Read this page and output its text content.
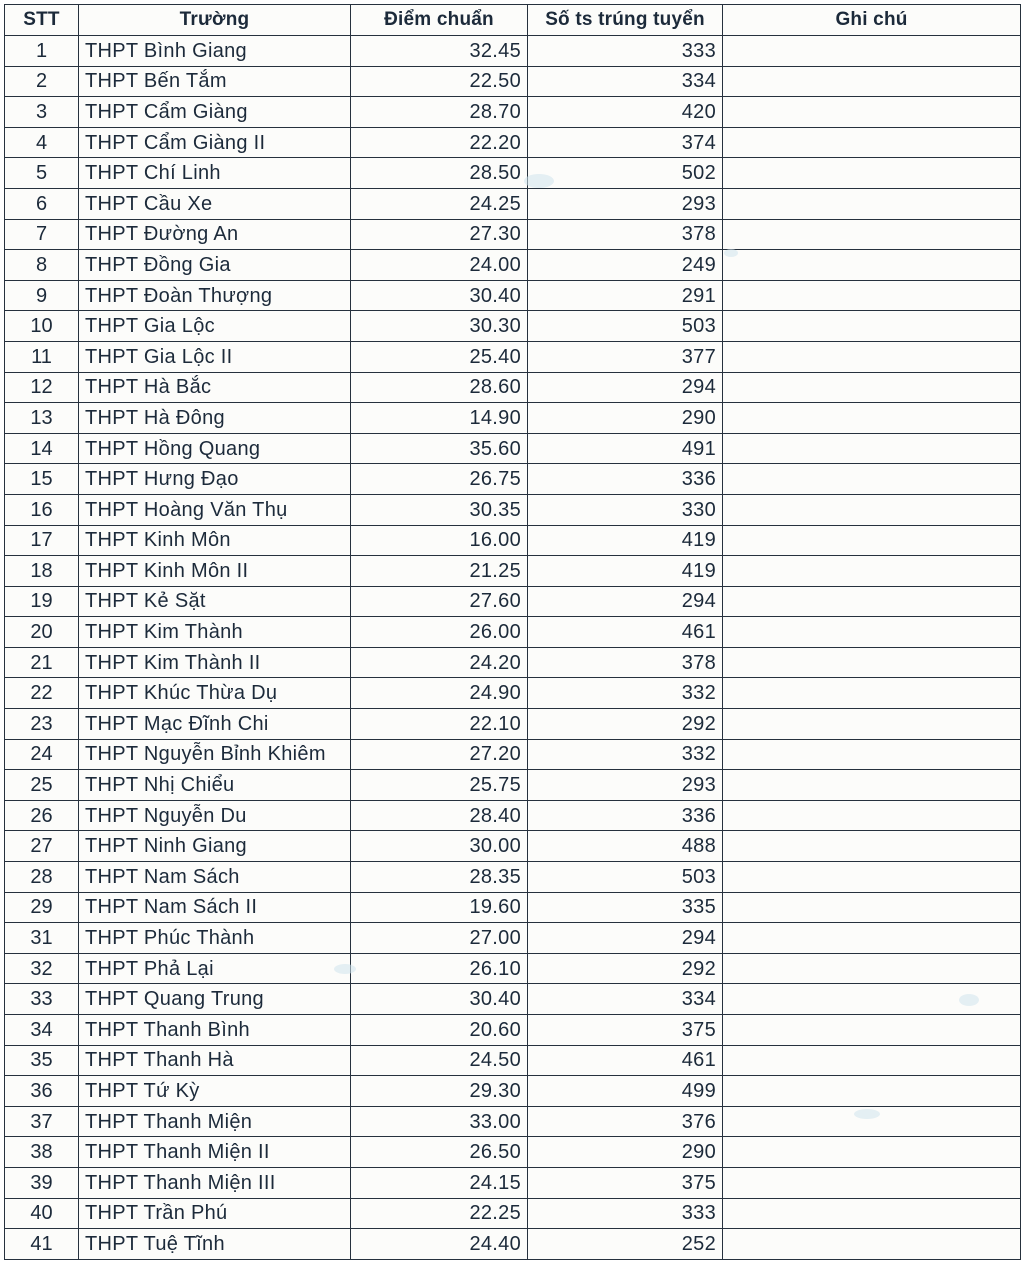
STT	Trường	Điểm chuẩn	Số ts trúng tuyển	Ghi chú
1	THPT Bình Giang	32.45	333	
2	THPT Bến Tắm	22.50	334	
3	THPT Cẩm Giàng	28.70	420	
4	THPT Cẩm Giàng II	22.20	374	
5	THPT Chí Linh	28.50	502	
6	THPT Cầu Xe	24.25	293	
7	THPT Đường An	27.30	378	
8	THPT Đồng Gia	24.00	249	
9	THPT Đoàn Thượng	30.40	291	
10	THPT Gia Lộc	30.30	503	
11	THPT Gia Lộc II	25.40	377	
12	THPT Hà Bắc	28.60	294	
13	THPT Hà Đông	14.90	290	
14	THPT Hồng Quang	35.60	491	
15	THPT Hưng Đạo	26.75	336	
16	THPT Hoàng Văn Thụ	30.35	330	
17	THPT Kinh Môn	16.00	419	
18	THPT Kinh Môn II	21.25	419	
19	THPT Kẻ Sặt	27.60	294	
20	THPT Kim Thành	26.00	461	
21	THPT Kim Thành II	24.20	378	
22	THPT Khúc Thừa Dụ	24.90	332	
23	THPT Mạc Đĩnh Chi	22.10	292	
24	THPT Nguyễn Bỉnh Khiêm	27.20	332	
25	THPT Nhị Chiểu	25.75	293	
26	THPT Nguyễn Du	28.40	336	
27	THPT Ninh Giang	30.00	488	
28	THPT Nam Sách	28.35	503	
29	THPT Nam Sách II	19.60	335	
31	THPT Phúc Thành	27.00	294	
32	THPT Phả Lại	26.10	292	
33	THPT Quang Trung	30.40	334	
34	THPT Thanh Bình	20.60	375	
35	THPT Thanh Hà	24.50	461	
36	THPT Tứ Kỳ	29.30	499	
37	THPT Thanh Miện	33.00	376	
38	THPT Thanh Miện II	26.50	290	
39	THPT Thanh Miện III	24.15	375	
40	THPT Trần Phú	22.25	333	
41	THPT Tuệ Tĩnh	24.40	252	
